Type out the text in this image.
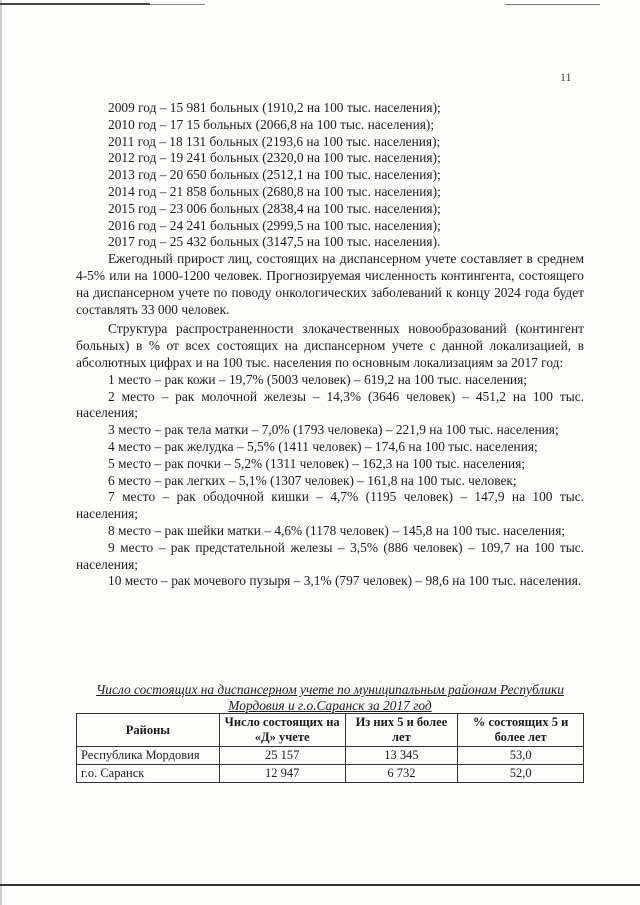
11
2009 год – 15 981 больных (1910,2 на 100 тыс. населения);
2010 год – 17 15 больных (2066,8 на 100 тыс. населения);
2011 год – 18 131 больных (2193,6 на 100 тыс. населения);
2012 год – 19 241 больных (2320,0 на 100 тыс. населения);
2013 год – 20 650 больных (2512,1 на 100 тыс. населения);
2014 год – 21 858 больных (2680,8 на 100 тыс. населения);
2015 год – 23 006 больных (2838,4 на 100 тыс. населения);
2016 год – 24 241 больных (2999,5 на 100 тыс. населения);
2017 год – 25 432 больных (3147,5 на 100 тыс. населения).
Ежегодный прирост лиц, состоящих на диспансерном учете составляет в среднем 4-5% или на 1000-1200 человек. Прогнозируемая численность контингента, состоящего на диспансерном учете по поводу онкологических заболеваний к концу 2024 года будет составлять 33 000 человек.
Структура распространенности злокачественных новообразований (контингент больных) в % от всех состоящих на диспансерном учете с данной локализацией, в абсолютных цифрах и на 100 тыс. населения по основным локализациям за 2017 год:
1 место – рак кожи – 19,7% (5003 человек) – 619,2 на 100 тыс. населения;
2 место – рак молочной железы – 14,3% (3646 человек) – 451,2 на 100 тыс. населения;
3 место – рак тела матки – 7,0% (1793 человека) – 221,9 на 100 тыс. населения;
4 место – рак желудка – 5,5% (1411 человек) – 174,6 на 100 тыс. населения;
5 место – рак почки – 5,2% (1311 человек) – 162,3 на 100 тыс. населения;
6 место – рак легких – 5,1% (1307 человек) – 161,8 на 100 тыс. человек;
7 место – рак ободочной кишки – 4,7% (1195 человек) – 147,9 на 100 тыс. населения;
8 место – рак шейки матки – 4,6% (1178 человек) – 145,8 на 100 тыс. населения;
9 место – рак предстательной железы – 3,5% (886 человек) – 109,7 на 100 тыс. населения;
10 место – рак мочевого пузыря – 3,1% (797 человек) – 98,6 на 100 тыс. населения.
Число состоящих на диспансерном учете по муниципальным районам Республики Мордовия и г.о.Саранск за 2017 год
Районы	Число состоящих на «Д» учете	Из них 5 и более лет	% состоящих 5 и более лет
Республика Мордовия	25 157	13 345	53,0
г.о. Саранск	12 947	6 732	52,0
